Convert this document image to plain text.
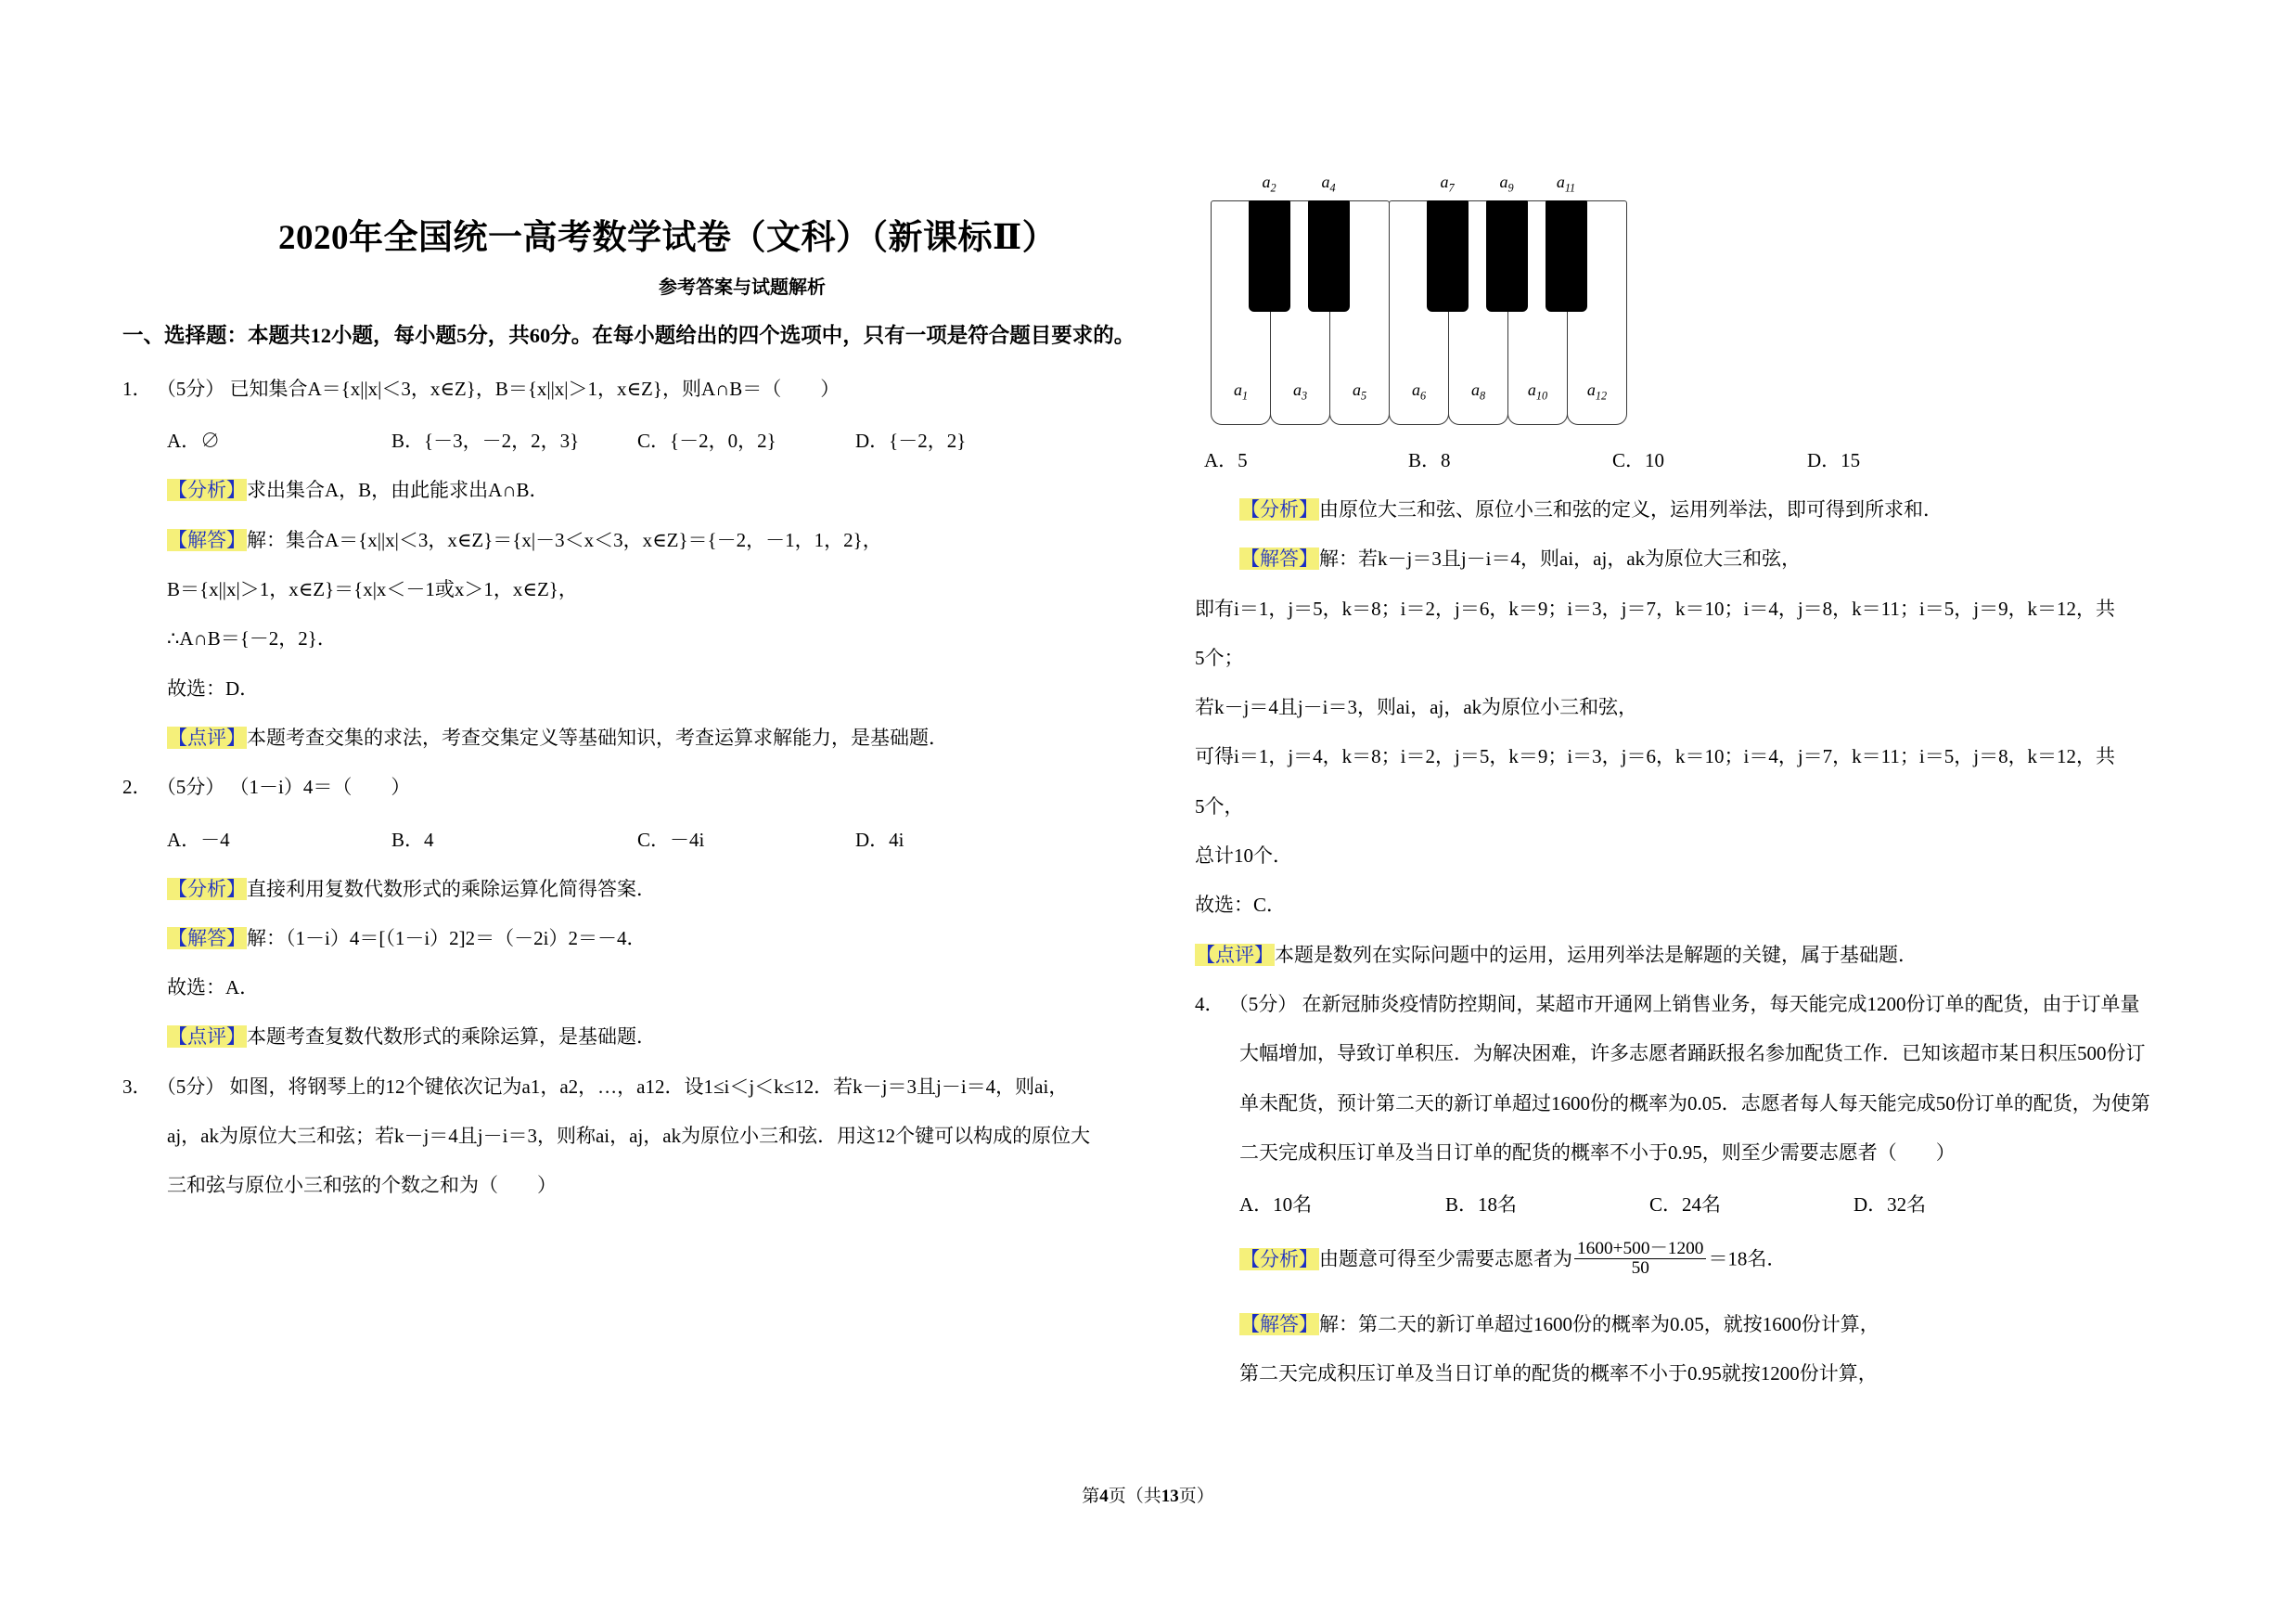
2020年全国统一高考数学试卷（文科）（新课标Ⅱ）
参考答案与试题解析
一、选择题：本题共12小题，每小题5分，共60分。在每小题给出的四个选项中，只有一项是符合题目要求的。
1． （5分） 已知集合A＝{x||x|＜3，x∈Z}，B＝{x||x|＞1，x∈Z}，则A∩B＝（　　）
A．∅	B．{－3，－2，2，3}	C．{－2，0，2}	D．{－2，2}
【分析】求出集合A，B，由此能求出A∩B．
【解答】解：集合A＝{x||x|＜3，x∈Z}＝{x|－3＜x＜3，x∈Z}＝{－2，－1，1，2}，
B＝{x||x|＞1，x∈Z}＝{x|x＜－1或x＞1，x∈Z}，
∴A∩B＝{－2，2}．
故选：D．
【点评】本题考查交集的求法，考查交集定义等基础知识，考查运算求解能力，是基础题．
2． （5分） （1－i）4＝（　　）
A．－4	B．4	C．－4i	D．4i
【分析】直接利用复数代数形式的乘除运算化简得答案．
【解答】解：（1－i）4＝[（1－i）2]2＝（－2i）2＝－4．
故选：A．
【点评】本题考查复数代数形式的乘除运算，是基础题．
3． （5分） 如图，将钢琴上的12个键依次记为a1，a2，…，a12．设1≤i＜j＜k≤12．若k－j＝3且j－i＝4，则ai，
aj，ak为原位大三和弦；若k－j＝4且j－i＝3，则称ai，aj，ak为原位小三和弦．用这12个键可以构成的原位大
三和弦与原位小三和弦的个数之和为（　　）
$a_1$	$a_3$	$a_5$	$a_6$	$a_8$	$a_{10}$	$a_{12}$
$a_2$	$a_4$	$a_7$	$a_9$	$a_{11}$
A．5	B．8	C．10	D．15
【分析】由原位大三和弦、原位小三和弦的定义，运用列举法，即可得到所求和．
【解答】解：若k－j＝3且j－i＝4，则ai，aj，ak为原位大三和弦，
即有i＝1，j＝5，k＝8；i＝2，j＝6，k＝9；i＝3，j＝7，k＝10；i＝4，j＝8，k＝11；i＝5，j＝9，k＝12，共
5个；
若k－j＝4且j－i＝3，则ai，aj，ak为原位小三和弦，
可得i＝1，j＝4，k＝8；i＝2，j＝5，k＝9；i＝3，j＝6，k＝10；i＝4，j＝7，k＝11；i＝5，j＝8，k＝12，共
5个，
总计10个．
故选：C．
【点评】本题是数列在实际问题中的运用，运用列举法是解题的关键，属于基础题．
4． （5分） 在新冠肺炎疫情防控期间，某超市开通网上销售业务，每天能完成1200份订单的配货，由于订单量
大幅增加，导致订单积压．为解决困难，许多志愿者踊跃报名参加配货工作．已知该超市某日积压500份订
单未配货，预计第二天的新订单超过1600份的概率为0.05．志愿者每人每天能完成50份订单的配货，为使第
二天完成积压订单及当日订单的配货的概率不小于0.95，则至少需要志愿者（　　）
A．10名	B．18名	C．24名	D．32名
【分析】由题意可得至少需要志愿者为 $\frac{1600+500-1200}{50} =18$名．
【解答】解：第二天的新订单超过1600份的概率为0.05，就按1600份计算，
第二天完成积压订单及当日订单的配货的概率不小于0.95就按1200份计算，
第4页（共13页）
